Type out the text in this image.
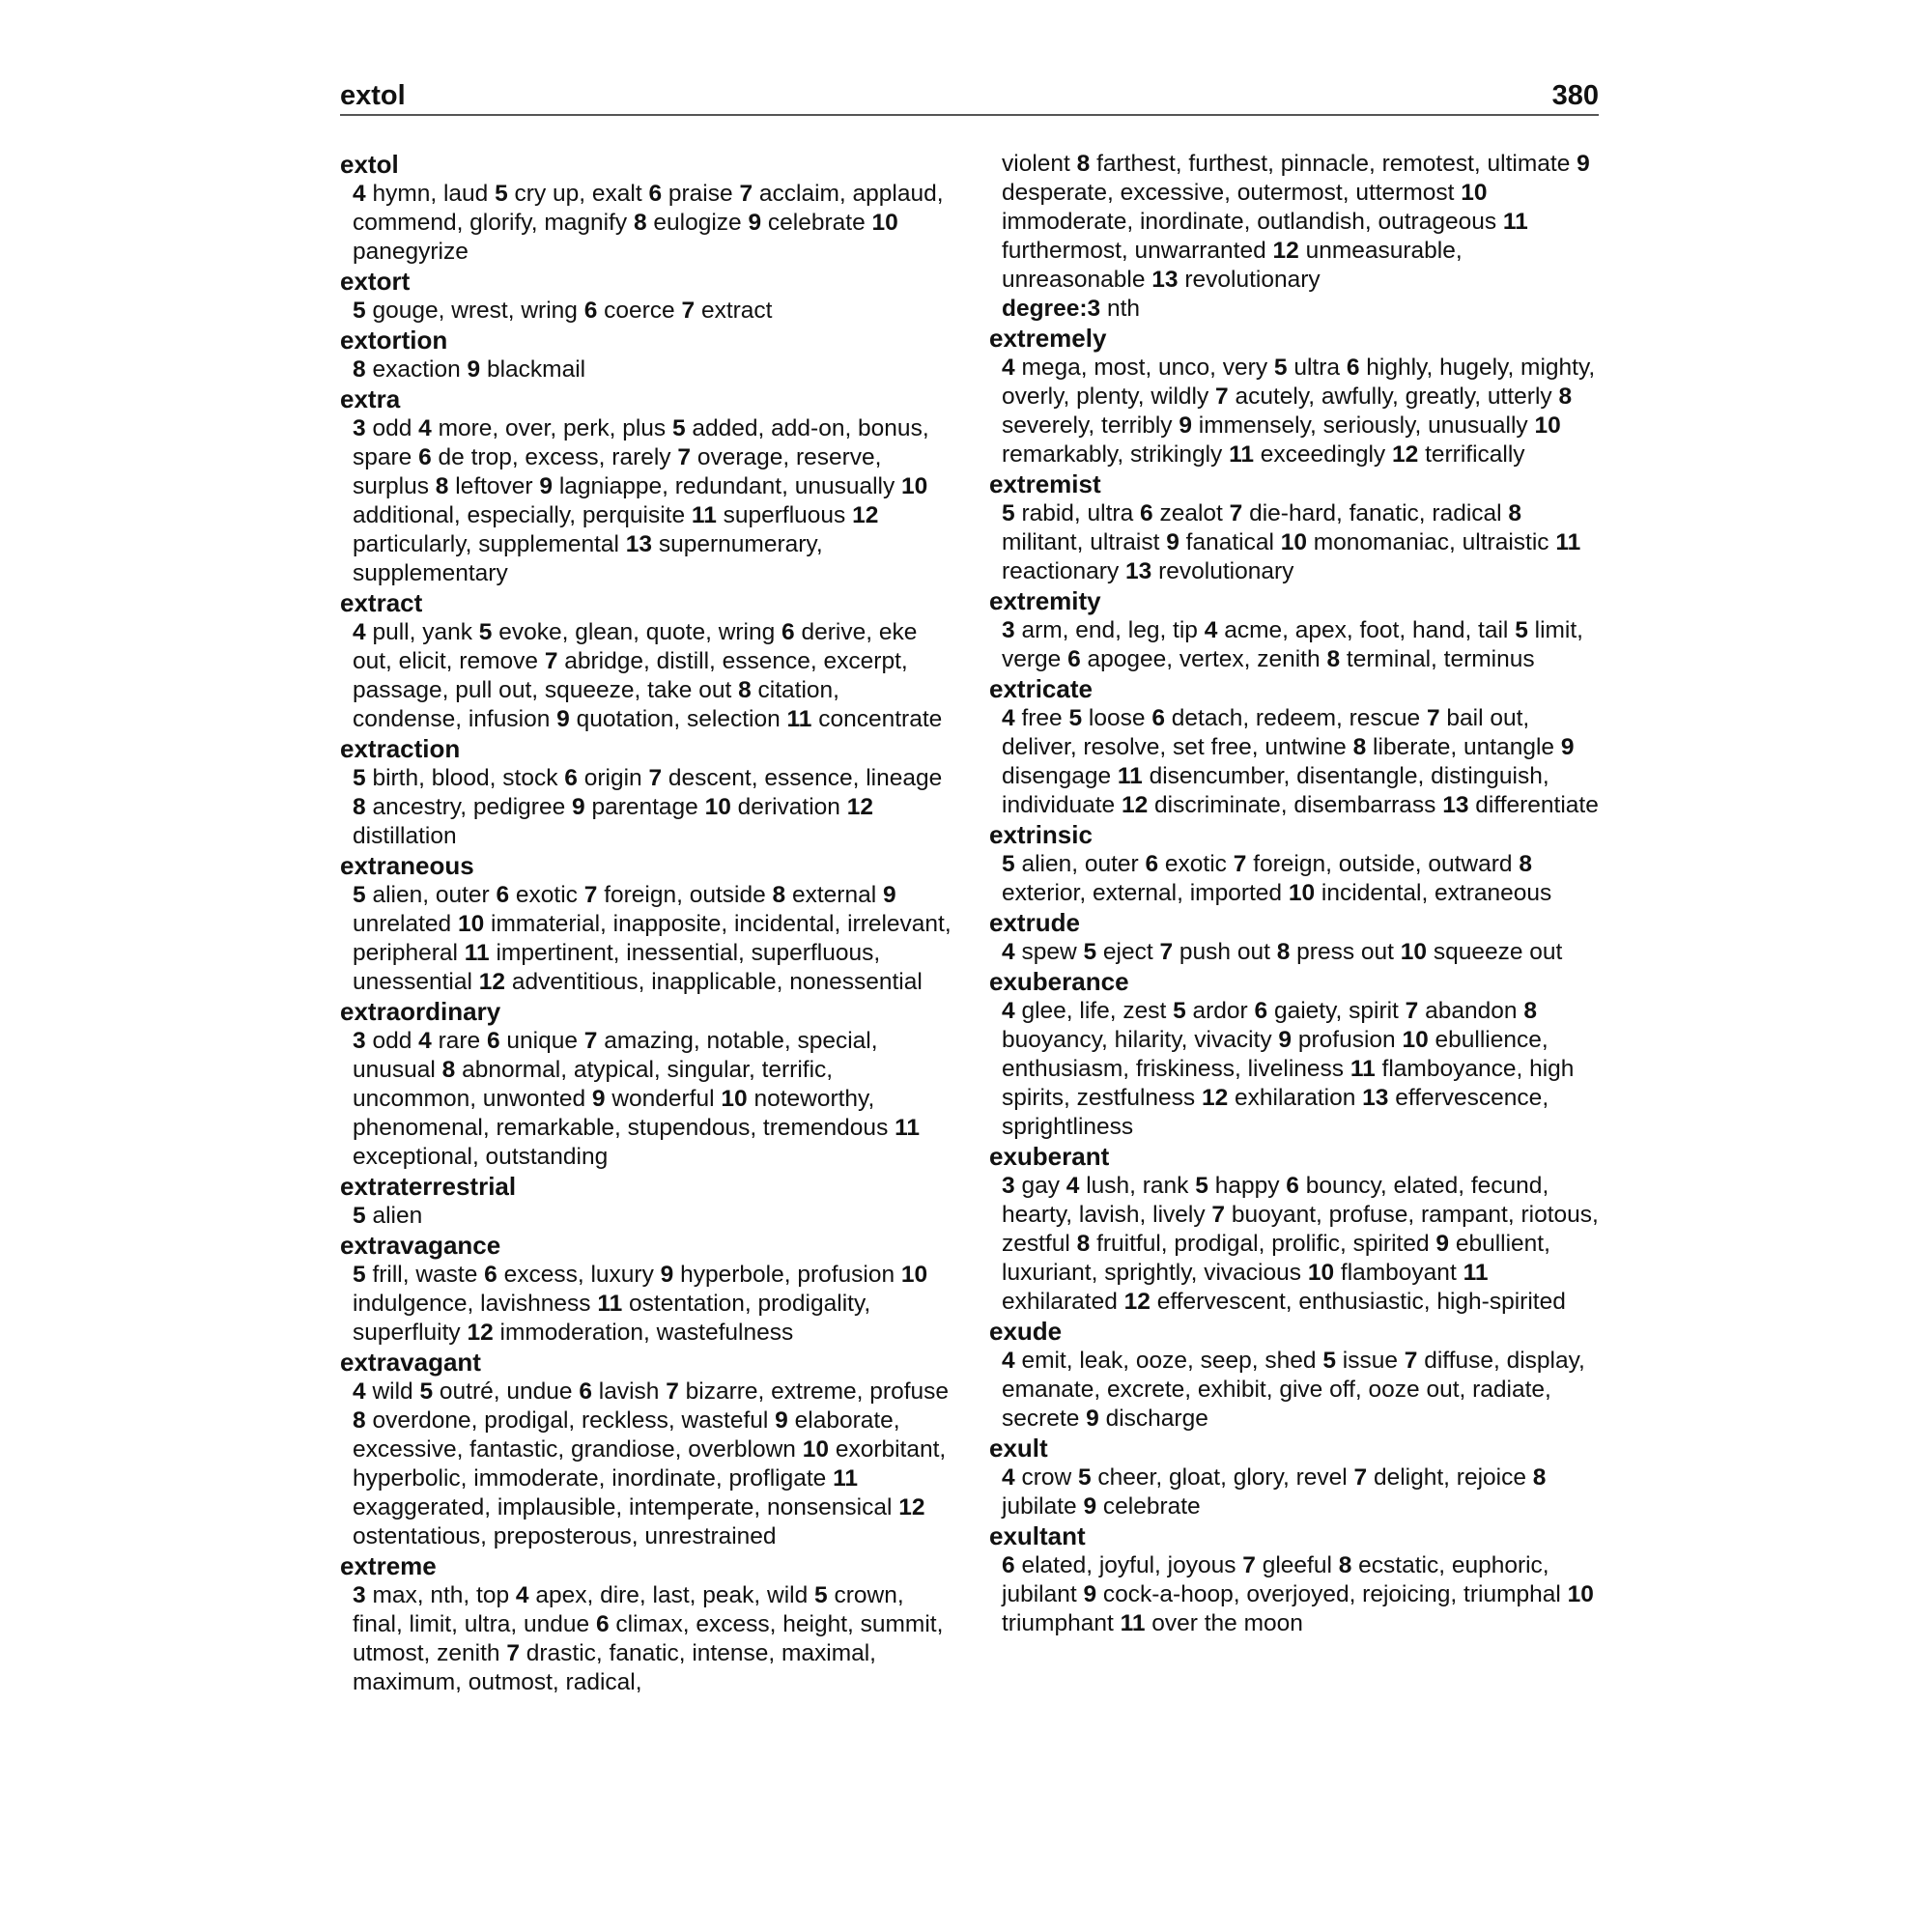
extol	380
extol
4 hymn, laud 5 cry up, exalt 6 praise 7 acclaim, applaud, commend, glorify, magnify 8 eulogize 9 celebrate 10 panegyrize
extort
5 gouge, wrest, wring 6 coerce 7 extract
extortion
8 exaction 9 blackmail
extra
3 odd 4 more, over, perk, plus 5 added, add-on, bonus, spare 6 de trop, excess, rarely 7 overage, reserve, surplus 8 leftover 9 lagniappe, redundant, unusually 10 additional, especially, perquisite 11 superfluous 12 particularly, supplemental 13 supernumerary, supplementary
extract
4 pull, yank 5 evoke, glean, quote, wring 6 derive, eke out, elicit, remove 7 abridge, distill, essence, excerpt, passage, pull out, squeeze, take out 8 citation, condense, infusion 9 quotation, selection 11 concentrate
extraction
5 birth, blood, stock 6 origin 7 descent, essence, lineage 8 ancestry, pedigree 9 parentage 10 derivation 12 distillation
extraneous
5 alien, outer 6 exotic 7 foreign, outside 8 external 9 unrelated 10 immaterial, inapposite, incidental, irrelevant, peripheral 11 impertinent, inessential, superfluous, unessential 12 adventitious, inapplicable, nonessential
extraordinary
3 odd 4 rare 6 unique 7 amazing, notable, special, unusual 8 abnormal, atypical, singular, terrific, uncommon, unwonted 9 wonderful 10 noteworthy, phenomenal, remarkable, stupendous, tremendous 11 exceptional, outstanding
extraterrestrial
5 alien
extravagance
5 frill, waste 6 excess, luxury 9 hyperbole, profusion 10 indulgence, lavishness 11 ostentation, prodigality, superfluity 12 immoderation, wastefulness
extravagant
4 wild 5 outré, undue 6 lavish 7 bizarre, extreme, profuse 8 overdone, prodigal, reckless, wasteful 9 elaborate, excessive, fantastic, grandiose, overblown 10 exorbitant, hyperbolic, immoderate, inordinate, profligate 11 exaggerated, implausible, intemperate, nonsensical 12 ostentatious, preposterous, unrestrained
extreme
3 max, nth, top 4 apex, dire, last, peak, wild 5 crown, final, limit, ultra, undue 6 climax, excess, height, summit, utmost, zenith 7 drastic, fanatic, intense, maximal, maximum, outmost, radical,
violent 8 farthest, furthest, pinnacle, remotest, ultimate 9 desperate, excessive, outermost, uttermost 10 immoderate, inordinate, outlandish, outrageous 11 furthermost, unwarranted 12 unmeasurable, unreasonable 13 revolutionary
degree:3 nth
extremely
4 mega, most, unco, very 5 ultra 6 highly, hugely, mighty, overly, plenty, wildly 7 acutely, awfully, greatly, utterly 8 severely, terribly 9 immensely, seriously, unusually 10 remarkably, strikingly 11 exceedingly 12 terrifically
extremist
5 rabid, ultra 6 zealot 7 die-hard, fanatic, radical 8 militant, ultraist 9 fanatical 10 monomaniac, ultraistic 11 reactionary 13 revolutionary
extremity
3 arm, end, leg, tip 4 acme, apex, foot, hand, tail 5 limit, verge 6 apogee, vertex, zenith 8 terminal, terminus
extricate
4 free 5 loose 6 detach, redeem, rescue 7 bail out, deliver, resolve, set free, untwine 8 liberate, untangle 9 disengage 11 disencumber, disentangle, distinguish, individuate 12 discriminate, disembarrass 13 differentiate
extrinsic
5 alien, outer 6 exotic 7 foreign, outside, outward 8 exterior, external, imported 10 incidental, extraneous
extrude
4 spew 5 eject 7 push out 8 press out 10 squeeze out
exuberance
4 glee, life, zest 5 ardor 6 gaiety, spirit 7 abandon 8 buoyancy, hilarity, vivacity 9 profusion 10 ebullience, enthusiasm, friskiness, liveliness 11 flamboyance, high spirits, zestfulness 12 exhilaration 13 effervescence, sprightliness
exuberant
3 gay 4 lush, rank 5 happy 6 bouncy, elated, fecund, hearty, lavish, lively 7 buoyant, profuse, rampant, riotous, zestful 8 fruitful, prodigal, prolific, spirited 9 ebullient, luxuriant, sprightly, vivacious 10 flamboyant 11 exhilarated 12 effervescent, enthusiastic, high-spirited
exude
4 emit, leak, ooze, seep, shed 5 issue 7 diffuse, display, emanate, excrete, exhibit, give off, ooze out, radiate, secrete 9 discharge
exult
4 crow 5 cheer, gloat, glory, revel 7 delight, rejoice 8 jubilate 9 celebrate
exultant
6 elated, joyful, joyous 7 gleeful 8 ecstatic, euphoric, jubilant 9 cock-a-hoop, overjoyed, rejoicing, triumphal 10 triumphant 11 over the moon
